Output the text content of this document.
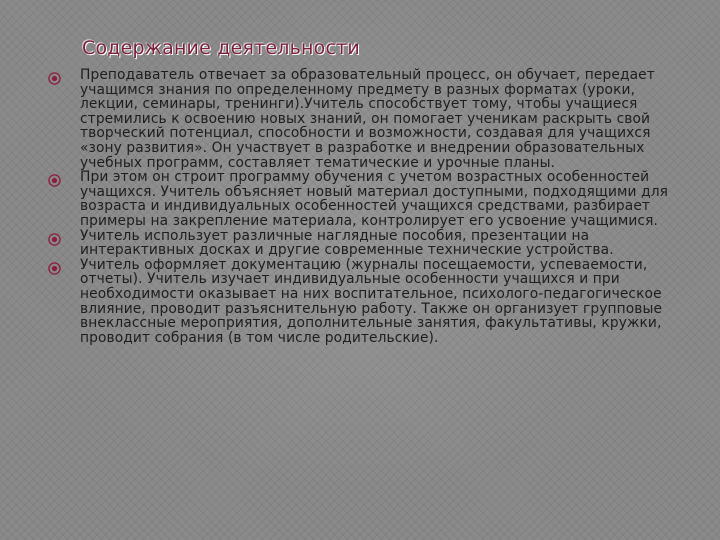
Содержание деятельности
Преподаватель отвечает за образовательный процесс, он обучает, передает учащимся знания по определенному предмету в разных форматах (уроки, лекции, семинары, тренинги).Учитель способствует тому, чтобы учащиеся стремились к освоению новых знаний, он помогает ученикам раскрыть свой творческий потенциал, способности и возможности, создавая для учащихся «зону развития». Он участвует в разработке и внедрении образовательных учебных программ, составляет тематические и урочные планы.
При этом он строит программу обучения с учетом возрастных особенностей учащихся. Учитель объясняет новый материал доступными, подходящими для возраста и индивидуальных особенностей учащихся средствами, разбирает примеры на закрепление материала, контролирует его усвоение учащимися.
Учитель использует различные наглядные пособия, презентации на интерактивных досках и другие современные технические устройства.
Учитель оформляет документацию (журналы посещаемости, успеваемости, отчеты). Учитель изучает индивидуальные особенности учащихся и при необходимости оказывает на них воспитательное, психолого-педагогическое влияние, проводит разъяснительную работу. Также он организует групповые внеклассные мероприятия, дополнительные занятия, факультативы, кружки, проводит собрания (в том числе родительские).
